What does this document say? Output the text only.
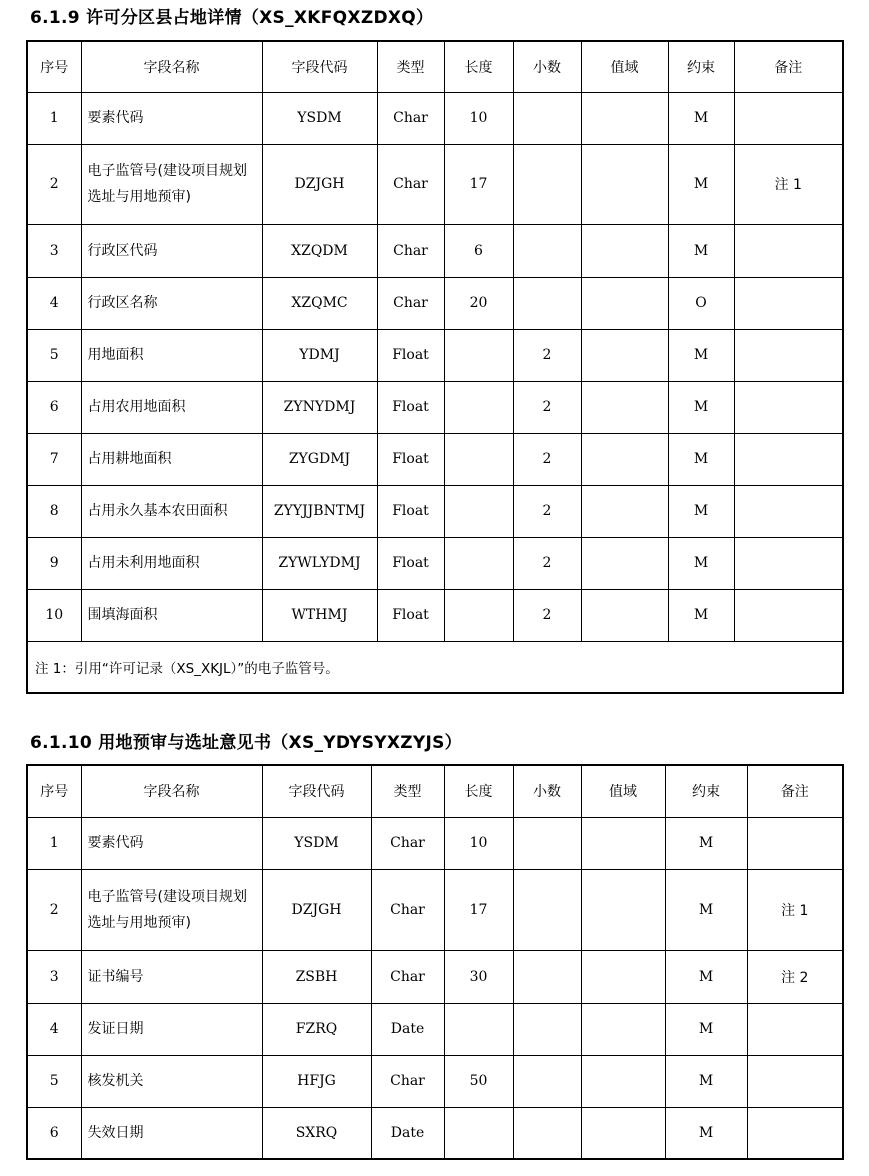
6.1.9 许可分区县占地详情（XS_XKFQXZDXQ）
序号	字段名称	字段代码	类型	长度	小数	值域	约束	备注
1	要素代码	YSDM	Char	10			M	
2	电子监管号(建设项目规划选址与用地预审)	DZJGH	Char	17			M	注 1
3	行政区代码	XZQDM	Char	6			M	
4	行政区名称	XZQMC	Char	20			O	
5	用地面积	YDMJ	Float		2		M	
6	占用农用地面积	ZYNYDMJ	Float		2		M	
7	占用耕地面积	ZYGDMJ	Float		2		M	
8	占用永久基本农田面积	ZYYJJBNTMJ	Float		2		M	
9	占用未利用地面积	ZYWLYDMJ	Float		2		M	
10	围填海面积	WTHMJ	Float		2		M	
注 1：引用“许可记录（XS_XKJL）”的电子监管号。								
6.1.10 用地预审与选址意见书（XS_YDYSYXZYJS）
序号	字段名称	字段代码	类型	长度	小数	值域	约束	备注
1	要素代码	YSDM	Char	10			M	
2	电子监管号(建设项目规划选址与用地预审)	DZJGH	Char	17			M	注 1
3	证书编号	ZSBH	Char	30			M	注 2
4	发证日期	FZRQ	Date				M	
5	核发机关	HFJG	Char	50			M	
6	失效日期	SXRQ	Date				M	
